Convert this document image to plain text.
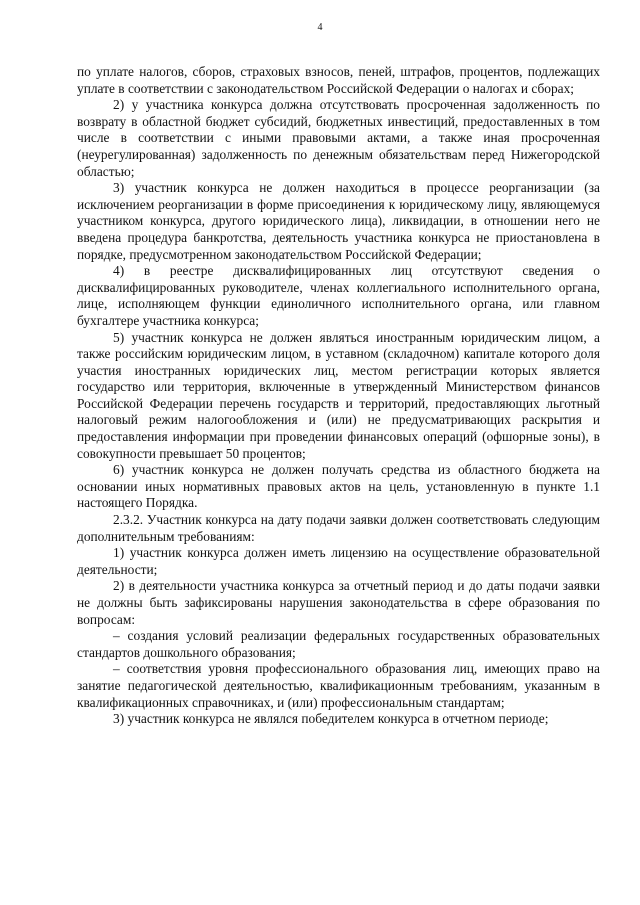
4

по уплате налогов, сборов, страховых взносов, пеней, штрафов, процентов, подлежащих уплате в соответствии с законодательством Российской Федерации о налогах и сборах;

2) у участника конкурса должна отсутствовать просроченная задолженность по возврату в областной бюджет субсидий, бюджетных инвестиций, предоставленных в том числе в соответствии с иными правовыми актами, а также иная просроченная (неурегулированная) задолженность по денежным обязательствам перед Нижегородской областью;

3) участник конкурса не должен находиться в процессе реорганизации (за исключением реорганизации в форме присоединения к юридическому лицу, являющемуся участником конкурса, другого юридического лица), ликвидации, в отношении него не введена процедура банкротства, деятельность участника конкурса не приостановлена в порядке, предусмотренном законодательством Российской Федерации;

4) в реестре дисквалифицированных лиц отсутствуют сведения о дисквалифицированных руководителе, членах коллегиального исполнительного органа, лице, исполняющем функции единоличного исполнительного органа, или главном бухгалтере участника конкурса;

5) участник конкурса не должен являться иностранным юридическим лицом, а также российским юридическим лицом, в уставном (складочном) капитале которого доля участия иностранных юридических лиц, местом регистрации которых является государство или территория, включенные в утвержденный Министерством финансов Российской Федерации перечень государств и территорий, предоставляющих льготный налоговый режим налогообложения и (или) не предусматривающих раскрытия и предоставления информации при проведении финансовых операций (офшорные зоны), в совокупности превышает 50 процентов;

6) участник конкурса не должен получать средства из областного бюджета на основании иных нормативных правовых актов на цель, установленную в пункте 1.1 настоящего Порядка.

2.3.2. Участник конкурса на дату подачи заявки должен соответствовать следующим дополнительным требованиям:

1) участник конкурса должен иметь лицензию на осуществление образовательной деятельности;

2) в деятельности участника конкурса за отчетный период и до даты подачи заявки не должны быть зафиксированы нарушения законодательства в сфере образования по вопросам:

– создания условий реализации федеральных государственных образовательных стандартов дошкольного образования;

– соответствия уровня профессионального образования лиц, имеющих право на занятие педагогической деятельностью, квалификационным требованиям, указанным в квалификационных справочниках, и (или) профессиональным стандартам;

3) участник конкурса не являлся победителем конкурса в отчетном периоде;
